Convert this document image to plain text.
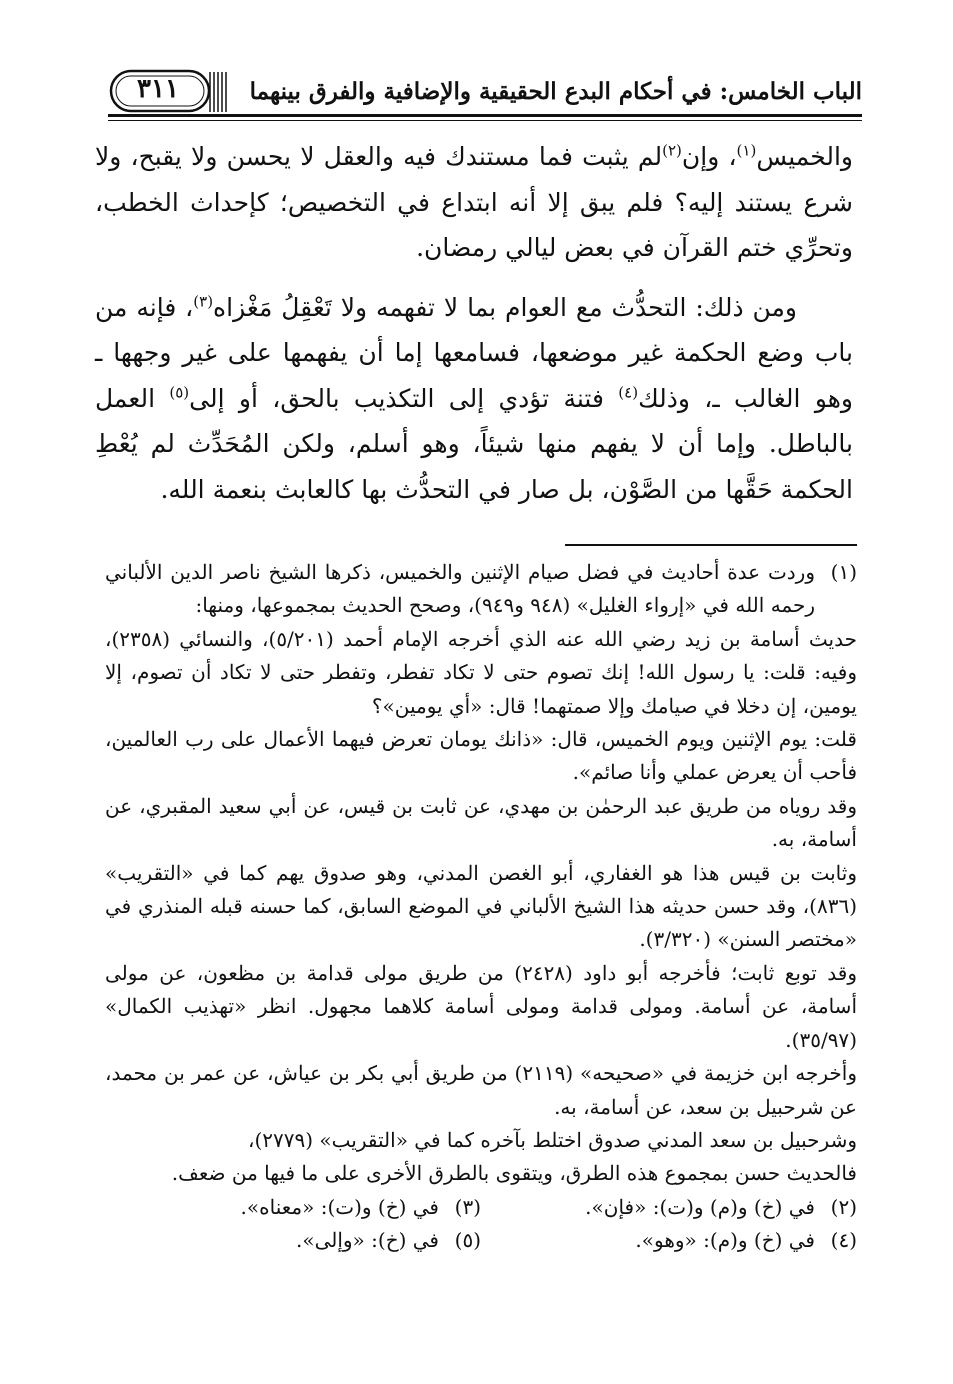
الباب الخامس: في أحكام البدع الحقيقية والإضافية والفرق بينهما
٣١١

والخميس$^{(١)}$، وإن$^{(٢)}$لم يثبت فما مستندك فيه والعقل لا يحسن ولا يقبح، ولا شرع يستند إليه؟ فلم يبق إلا أنه ابتداع في التخصيص؛ كإحداث الخطب، وتحرِّي ختم القرآن في بعض ليالي رمضان.

ومن ذلك: التحدُّث مع العوام بما لا تفهمه ولا تَعْقِلُ مَغْزاه$^{(٣)}$، فإنه من باب وضع الحكمة غير موضعها، فسامعها إما أن يفهمها على غير وجهها ـ وهو الغالب ـ، وذلك$^{(٤)}$ فتنة تؤدي إلى التكذيب بالحق، أو إلى$^{(٥)}$ العمل بالباطل. وإما أن لا يفهم منها شيئاً، وهو أسلم، ولكن المُحَدِّث لم يُعْطِ الحكمة حَقَّها من الصَّوْن، بل صار في التحدُّث بها كالعابث بنعمة الله.

(١)

وردت عدة أحاديث في فضل صيام الإثنين والخميس، ذكرها الشيخ ناصر الدين الألباني رحمه الله في «إرواء الغليل» (٩٤٨ و٩٤٩)، وصحح الحديث بمجموعها، ومنها:

حديث أسامة بن زيد رضي الله عنه الذي أخرجه الإمام أحمد (٥/٢٠١)، والنسائي (٢٣٥٨)، وفيه: قلت: يا رسول الله! إنك تصوم حتى لا تكاد تفطر، وتفطر حتى لا تكاد أن تصوم، إلا يومين، إن دخلا في صيامك وإلا صمتهما! قال: «أي يومين»؟

قلت: يوم الإثنين ويوم الخميس، قال: «ذانك يومان تعرض فيهما الأعمال على رب العالمين، فأحب أن يعرض عملي وأنا صائم».

وقد روياه من طريق عبد الرحمٰن بن مهدي، عن ثابت بن قيس، عن أبي سعيد المقبري، عن أسامة، به.

وثابت بن قيس هذا هو الغفاري، أبو الغصن المدني، وهو صدوق يهم كما في «التقريب» (٨٣٦)، وقد حسن حديثه هذا الشيخ الألباني في الموضع السابق، كما حسنه قبله المنذري في «مختصر السنن» (٣/٣٢٠).

وقد توبع ثابت؛ فأخرجه أبو داود (٢٤٢٨) من طريق مولى قدامة بن مظعون، عن مولى أسامة، عن أسامة. ومولى قدامة ومولى أسامة كلاهما مجهول. انظر «تهذيب الكمال» (٣٥/٩٧).

وأخرجه ابن خزيمة في «صحيحه» (٢١١٩) من طريق أبي بكر بن عياش، عن عمر بن محمد، عن شرحبيل بن سعد، عن أسامة، به.

وشرحبيل بن سعد المدني صدوق اختلط بآخره كما في «التقريب» (٢٧٧٩)،

فالحديث حسن بمجموع هذه الطرق، ويتقوى بالطرق الأخرى على ما فيها من ضعف.

(٢)
في (خ) و(م) و(ت): «فإن».
(٣)
في (خ) و(ت): «معناه».
(٤)
في (خ) و(م): «وهو».
(٥)
في (خ): «وإلى».
